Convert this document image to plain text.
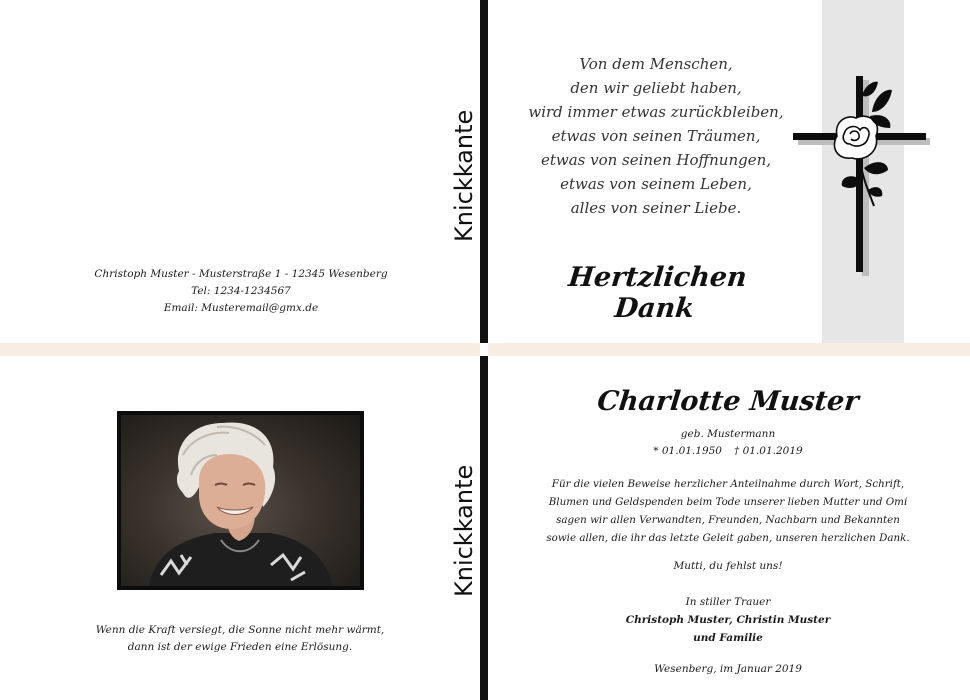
Knickkante
Knickkante
Christoph Muster - Musterstraße 1 - 12345 Wesenberg
Tel: 1234-1234567
Email: Musteremail@gmx.de
Von dem Menschen,
den wir geliebt haben,
wird immer etwas zurückbleiben,
etwas von seinen Träumen,
etwas von seinen Hoffnungen,
etwas von seinem Leben,
alles von seiner Liebe.
Hertzlichen Dank
Wenn die Kraft versiegt, die Sonne nicht mehr wärmt,
dann ist der ewige Frieden eine Erlösung.
Charlotte Muster
geb. Mustermann
* 01.01.1950 † 01.01.2019
Für die vielen Beweise herzlicher Anteilnahme durch Wort, Schrift,
Blumen und Geldspenden beim Tode unserer lieben Mutter und Omi
sagen wir allen Verwandten, Freunden, Nachbarn und Bekannten
sowie allen, die ihr das letzte Geleit gaben, unseren herzlichen Dank.
Mutti, du fehlst uns!
In stiller Trauer
Christoph Muster, Christin Muster
und Familie
Wesenberg, im Januar 2019
